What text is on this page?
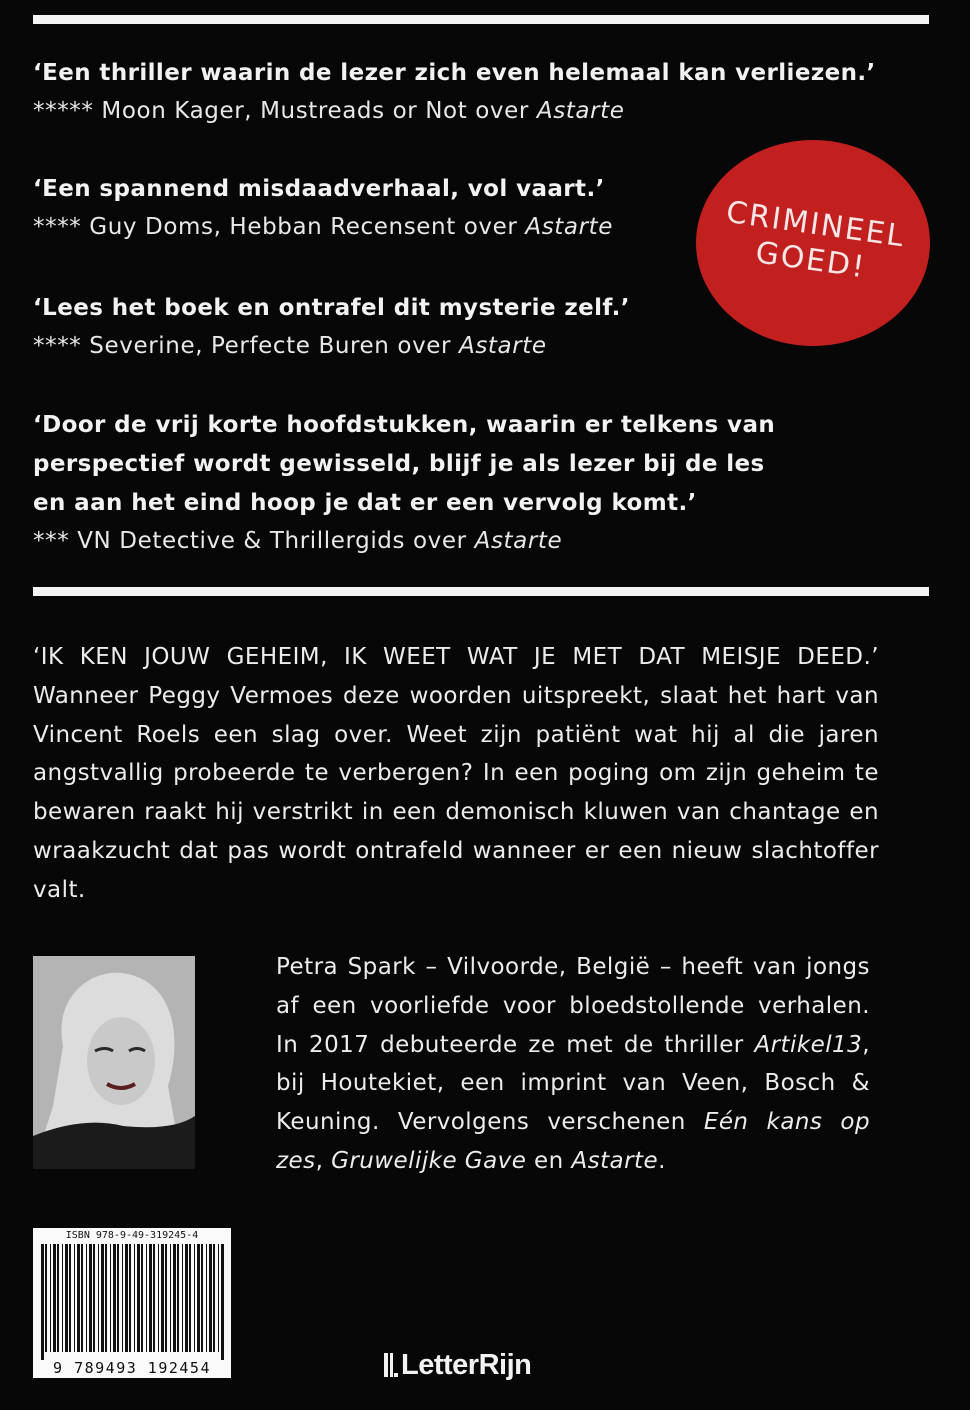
‘Een thriller waarin de lezer zich even helemaal kan verliezen.’
***** Moon Kager, Mustreads or Not over Astarte
‘Een spannend misdaadverhaal, vol vaart.’
**** Guy Doms, Hebban Recensent over Astarte
‘Lees het boek en ontrafel dit mysterie zelf.’
**** Severine, Perfecte Buren over Astarte
‘Door de vrij korte hoofdstukken, waarin er telkens van
perspectief wordt gewisseld, blijf je als lezer bij de les
en aan het eind hoop je dat er een vervolg komt.’
*** VN Detective & Thrillergids over Astarte
CRIMINEEL
GOED!
‘IK KEN JOUW GEHEIM, IK WEET WAT JE MET DAT MEISJE DEED.’ Wanneer Peggy Vermoes deze woorden uitspreekt, slaat het hart van Vincent Roels een slag over. Weet zijn patiënt wat hij al die jaren angstvallig probeerde te verbergen? In een poging om zijn geheim te bewaren raakt hij verstrikt in een demonisch kluwen van chantage en wraakzucht dat pas wordt ontrafeld wanneer er een nieuw slachtoffer valt.
Petra Spark – Vilvoorde, België – heeft van jongs af een voorliefde voor bloedstollende verhalen. In 2017 debuteerde ze met de thriller Artikel13, bij Houtekiet, een imprint van Veen, Bosch & Keuning. Vervolgens verschenen Eén kans op zes, Gruwelijke Gave en Astarte.
ISBN 978-9-49-319245-4
9 789493 192454	LetterRijn
